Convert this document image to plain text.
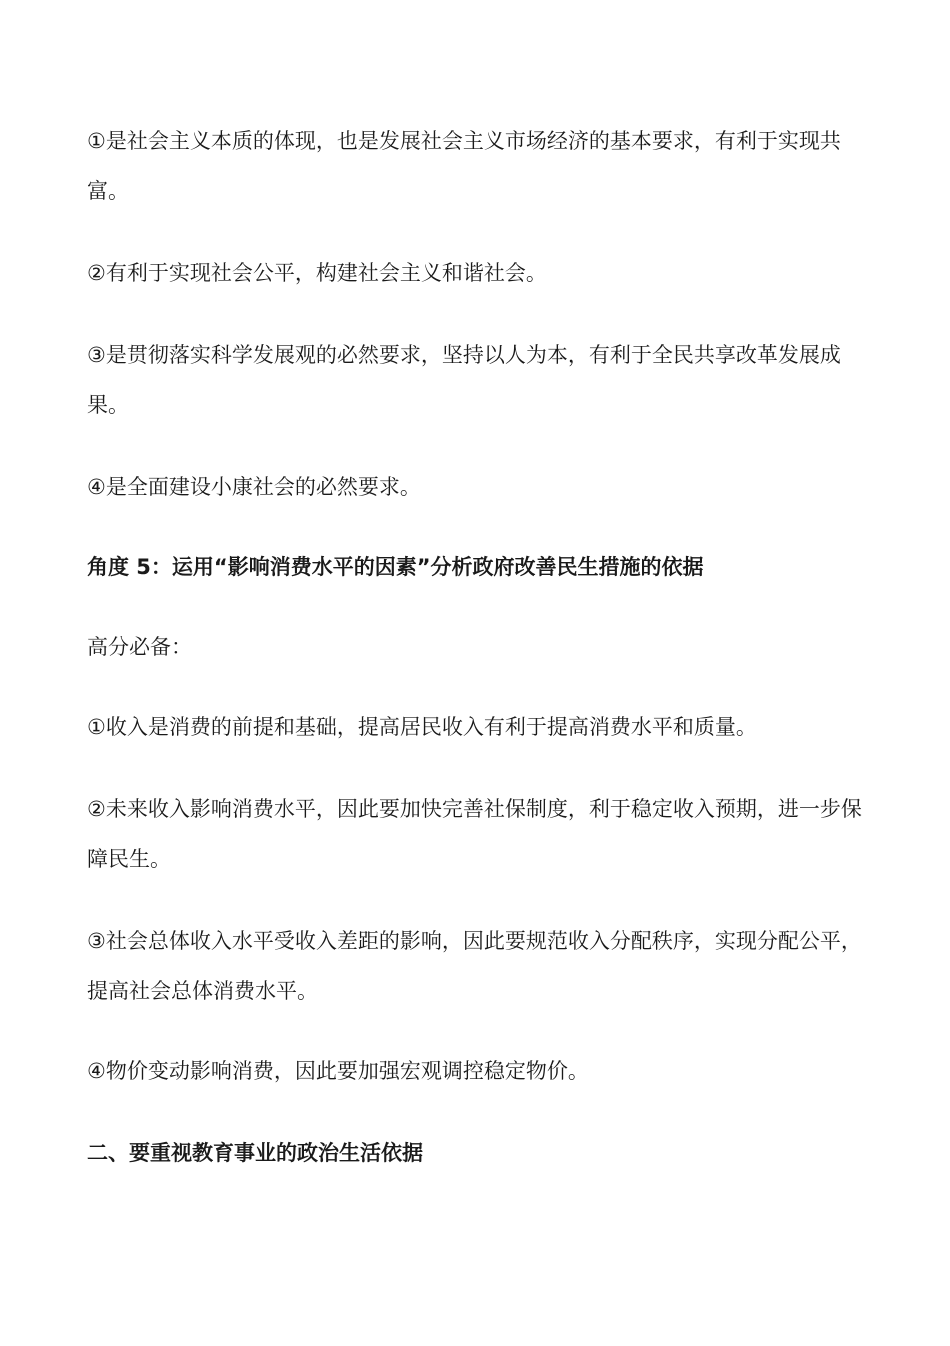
①是社会主义本质的体现，也是发展社会主义市场经济的基本要求，有利于实现共富。

②有利于实现社会公平，构建社会主义和谐社会。

③是贯彻落实科学发展观的必然要求，坚持以人为本，有利于全民共享改革发展成果。

④是全面建设小康社会的必然要求。

角度 5：运用“影响消费水平的因素”分析政府改善民生措施的依据

高分必备：

①收入是消费的前提和基础，提高居民收入有利于提高消费水平和质量。

②未来收入影响消费水平，因此要加快完善社保制度，利于稳定收入预期，进一步保障民生。

③社会总体收入水平受收入差距的影响，因此要规范收入分配秩序，实现分配公平，提高社会总体消费水平。

④物价变动影响消费，因此要加强宏观调控稳定物价。

二、要重视教育事业的政治生活依据
